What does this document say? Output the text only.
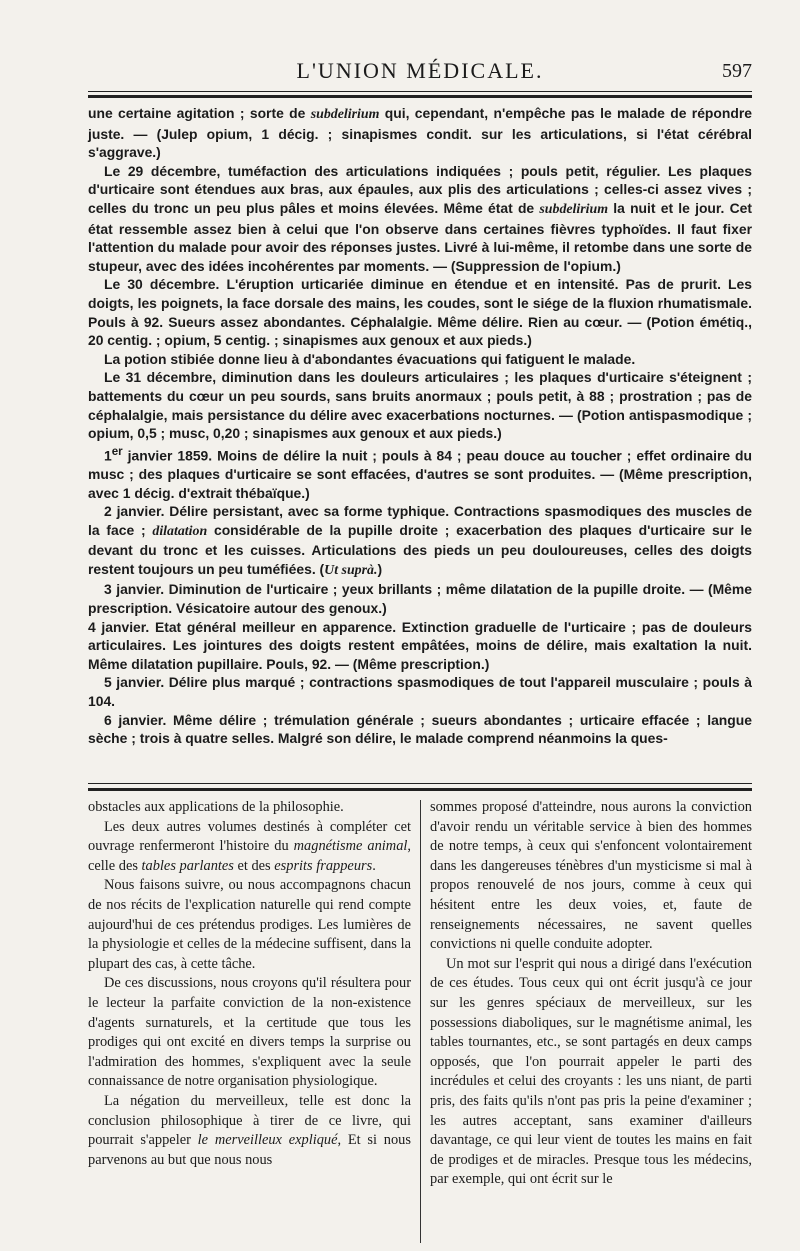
L'UNION MÉDICALE.	597

une certaine agitation ; sorte de subdelirium qui, cependant, n'empêche pas le malade de répondre juste. — (Julep opium, 1 décig. ; sinapismes condit. sur les articulations, si l'état cérébral s'aggrave.)

Le 29 décembre, tuméfaction des articulations indiquées ; pouls petit, régulier. Les plaques d'urticaire sont étendues aux bras, aux épaules, aux plis des articulations ; celles-ci assez vives ; celles du tronc un peu plus pâles et moins élevées. Même état de subdelirium la nuit et le jour. Cet état ressemble assez bien à celui que l'on observe dans certaines fièvres typhoïdes. Il faut fixer l'attention du malade pour avoir des réponses justes. Livré à lui-même, il retombe dans une sorte de stupeur, avec des idées incohérentes par moments. — (Suppression de l'opium.)

Le 30 décembre. L'éruption urticariée diminue en étendue et en intensité. Pas de prurit. Les doigts, les poignets, la face dorsale des mains, les coudes, sont le siége de la fluxion rhumatismale. Pouls à 92. Sueurs assez abondantes. Céphalalgie. Même délire. Rien au cœur. — (Potion émétiq., 20 centig. ; opium, 5 centig. ; sinapismes aux genoux et aux pieds.)

La potion stibiée donne lieu à d'abondantes évacuations qui fatiguent le malade.

Le 31 décembre, diminution dans les douleurs articulaires ; les plaques d'urticaire s'éteignent ; battements du cœur un peu sourds, sans bruits anormaux ; pouls petit, à 88 ; prostration ; pas de céphalalgie, mais persistance du délire avec exacerbations nocturnes. — (Potion antispasmodique ; opium, 0,5 ; musc, 0,20 ; sinapismes aux genoux et aux pieds.)

1er janvier 1859. Moins de délire la nuit ; pouls à 84 ; peau douce au toucher ; effet ordinaire du musc ; des plaques d'urticaire se sont effacées, d'autres se sont produites. — (Même prescription, avec 1 décig. d'extrait thébaïque.)

2 janvier. Délire persistant, avec sa forme typhique. Contractions spasmodiques des muscles de la face ; dilatation considérable de la pupille droite ; exacerbation des plaques d'urticaire sur le devant du tronc et les cuisses. Articulations des pieds un peu douloureuses, celles des doigts restent toujours un peu tuméfiées. (Ut suprà.)

3 janvier. Diminution de l'urticaire ; yeux brillants ; même dilatation de la pupille droite. — (Même prescription. Vésicatoire autour des genoux.)

4 janvier. Etat général meilleur en apparence. Extinction graduelle de l'urticaire ; pas de douleurs articulaires. Les jointures des doigts restent empâtées, moins de délire, mais exaltation la nuit. Même dilatation pupillaire. Pouls, 92. — (Même prescription.)

5 janvier. Délire plus marqué ; contractions spasmodiques de tout l'appareil musculaire ; pouls à 104.

6 janvier. Même délire ; trémulation générale ; sueurs abondantes ; urticaire effacée ; langue sèche ; trois à quatre selles. Malgré son délire, le malade comprend néanmoins la ques-

obstacles aux applications de la philosophie.

Les deux autres volumes destinés à compléter cet ouvrage renfermeront l'histoire du magnétisme animal, celle des tables parlantes et des esprits frappeurs.

Nous faisons suivre, ou nous accompagnons chacun de nos récits de l'explication naturelle qui rend compte aujourd'hui de ces prétendus prodiges. Les lumières de la physiologie et celles de la médecine suffisent, dans la plupart des cas, à cette tâche.

De ces discussions, nous croyons qu'il résultera pour le lecteur la parfaite conviction de la non-existence d'agents surnaturels, et la certitude que tous les prodiges qui ont excité en divers temps la surprise ou l'admiration des hommes, s'expliquent avec la seule connaissance de notre organisation physiologique.

La négation du merveilleux, telle est donc la conclusion philosophique à tirer de ce livre, qui pourrait s'appeler le merveilleux expliqué, Et si nous parvenons au but que nous nous

sommes proposé d'atteindre, nous aurons la conviction d'avoir rendu un véritable service à bien des hommes de notre temps, à ceux qui s'enfoncent volontairement dans les dangereuses ténèbres d'un mysticisme si mal à propos renouvelé de nos jours, comme à ceux qui hésitent entre les deux voies, et, faute de renseignements nécessaires, ne savent quelles convictions ni quelle conduite adopter.

Un mot sur l'esprit qui nous a dirigé dans l'exécution de ces études. Tous ceux qui ont écrit jusqu'à ce jour sur les genres spéciaux de merveilleux, sur les possessions diaboliques, sur le magnétisme animal, les tables tournantes, etc., se sont partagés en deux camps opposés, que l'on pourrait appeler le parti des incrédules et celui des croyants : les uns niant, de parti pris, des faits qu'ils n'ont pas pris la peine d'examiner ; les autres acceptant, sans examiner d'ailleurs davantage, ce qui leur vient de toutes les mains en fait de prodiges et de miracles. Presque tous les médecins, par exemple, qui ont écrit sur le
